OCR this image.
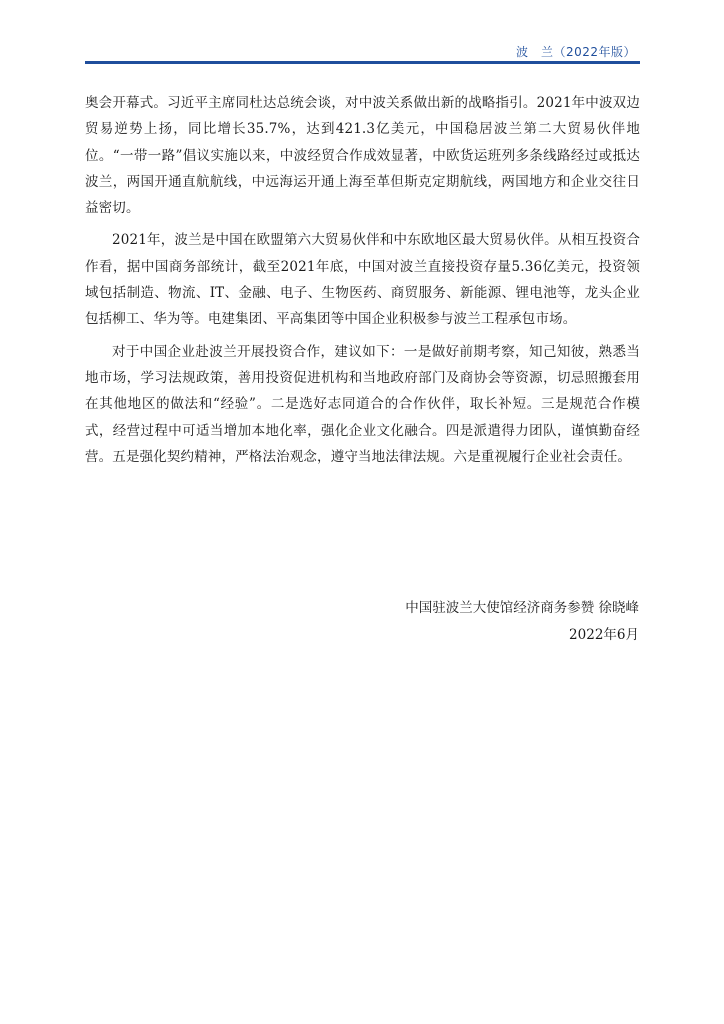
波　兰（2022年版）

奥会开幕式。习近平主席同杜达总统会谈，对中波关系做出新的战略指引。2021年中波双边贸易逆势上扬，同比增长35.7%，达到421.3亿美元，中国稳居波兰第二大贸易伙伴地位。“一带一路”倡议实施以来，中波经贸合作成效显著，中欧货运班列多条线路经过或抵达波兰，两国开通直航航线，中远海运开通上海至革但斯克定期航线，两国地方和企业交往日益密切。

2021年，波兰是中国在欧盟第六大贸易伙伴和中东欧地区最大贸易伙伴。从相互投资合作看，据中国商务部统计，截至2021年底，中国对波兰直接投资存量5.36亿美元，投资领域包括制造、物流、IT、金融、电子、生物医药、商贸服务、新能源、锂电池等，龙头企业包括柳工、华为等。电建集团、平高集团等中国企业积极参与波兰工程承包市场。

对于中国企业赴波兰开展投资合作，建议如下：一是做好前期考察，知己知彼，熟悉当地市场，学习法规政策，善用投资促进机构和当地政府部门及商协会等资源，切忌照搬套用在其他地区的做法和“经验”。二是选好志同道合的合作伙伴，取长补短。三是规范合作模式，经营过程中可适当增加本地化率，强化企业文化融合。四是派遣得力团队，谨慎勤奋经营。五是强化契约精神，严格法治观念，遵守当地法律法规。六是重视履行企业社会责任。

中国驻波兰大使馆经济商务参赞 徐晓峰
2022年6月
